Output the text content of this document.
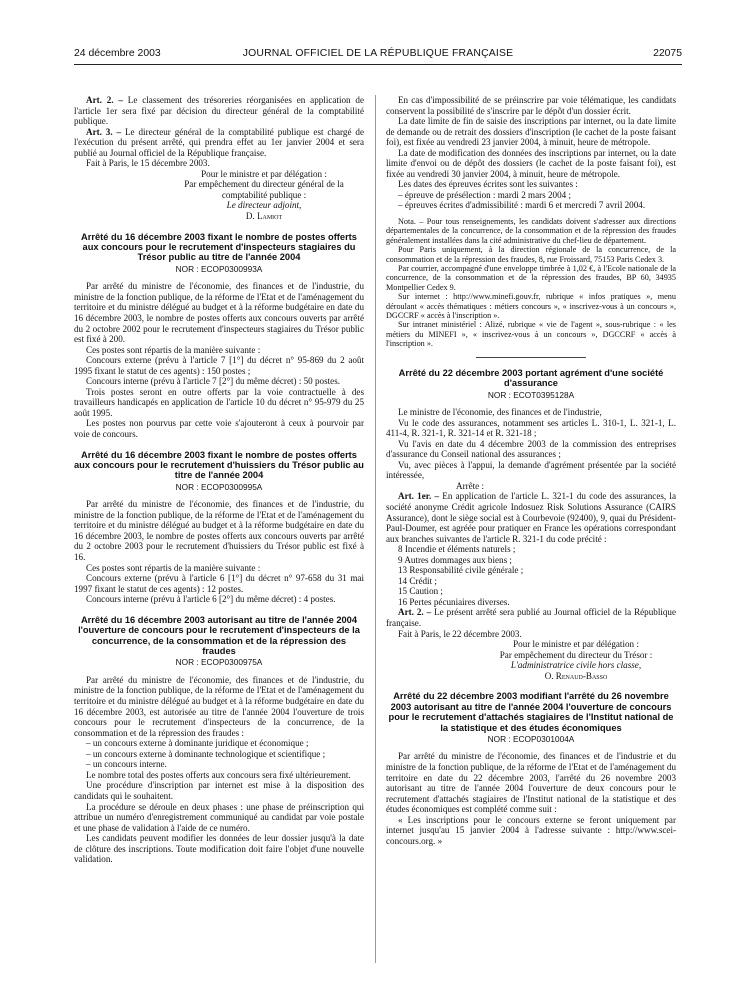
24 décembre 2003	JOURNAL OFFICIEL DE LA RÉPUBLIQUE FRANÇAISE	22075

Art. 2. – Le classement des trésoreries réorganisées en application de l'article 1er sera fixé par décision du directeur général de la comptabilité publique.

Art. 3. – Le directeur général de la comptabilité publique est chargé de l'exécution du présent arrêté, qui prendra effet au 1er janvier 2004 et sera publié au Journal officiel de la République française.

Fait à Paris, le 15 décembre 2003.

Pour le ministre et par délégation :
Par empêchement du directeur général de la comptabilité publique :
Le directeur adjoint,
D. Lamiot
Arrêté du 16 décembre 2003 fixant le nombre de postes offerts aux concours pour le recrutement d'inspecteurs stagiaires du Trésor public au titre de l'année 2004
NOR : ECOP0300993A

Par arrêté du ministre de l'économie, des finances et de l'industrie, du ministre de la fonction publique, de la réforme de l'Etat et de l'aménagement du territoire et du ministre délégué au budget et à la réforme budgétaire en date du 16 décembre 2003, le nombre de postes offerts aux concours ouverts par arrêté du 2 octobre 2002 pour le recrutement d'inspecteurs stagiaires du Trésor public est fixé à 200.

Ces postes sont répartis de la manière suivante :

Concours externe (prévu à l'article 7 [1°] du décret n° 95-869 du 2 août 1995 fixant le statut de ces agents) : 150 postes ;

Concours interne (prévu à l'article 7 [2°] du même décret) : 50 postes.

Trois postes seront en outre offerts par la voie contractuelle à des travailleurs handicapés en application de l'article 10 du décret n° 95-979 du 25 août 1995.

Les postes non pourvus par cette voie s'ajouteront à ceux à pourvoir par voie de concours.

Arrêté du 16 décembre 2003 fixant le nombre de postes offerts aux concours pour le recrutement d'huissiers du Trésor public au titre de l'année 2004
NOR : ECOP0300995A

Par arrêté du ministre de l'économie, des finances et de l'industrie, du ministre de la fonction publique, de la réforme de l'Etat et de l'aménagement du territoire et du ministre délégué au budget et à la réforme budgétaire en date du 16 décembre 2003, le nombre de postes offerts aux concours ouverts par arrêté du 2 octobre 2003 pour le recrutement d'huissiers du Trésor public est fixé à 16.

Ces postes sont répartis de la manière suivante :

Concours externe (prévu à l'article 6 [1°] du décret n° 97-658 du 31 mai 1997 fixant le statut de ces agents) : 12 postes.

Concours interne (prévu à l'article 6 [2°] du même décret) : 4 postes.

Arrêté du 16 décembre 2003 autorisant au titre de l'année 2004 l'ouverture de concours pour le recrutement d'inspecteurs de la concurrence, de la consommation et de la répression des fraudes
NOR : ECOP0300975A

Par arrêté du ministre de l'économie, des finances et de l'industrie, du ministre de la fonction publique, de la réforme de l'Etat et de l'aménagement du territoire et du ministre délégué au budget et à la réforme budgétaire en date du 16 décembre 2003, est autorisée au titre de l'année 2004 l'ouverture de trois concours pour le recrutement d'inspecteurs de la concurrence, de la consommation et de la répression des fraudes :

– un concours externe à dominante juridique et économique ;

– un concours externe à dominante technologique et scientifique ;

– un concours interne.

Le nombre total des postes offerts aux concours sera fixé ultérieurement.

Une procédure d'inscription par internet est mise à la disposition des candidats qui le souhaitent.

La procédure se déroule en deux phases : une phase de préinscription qui attribue un numéro d'enregistrement communiqué au candidat par voie postale et une phase de validation à l'aide de ce numéro.

Les candidats peuvent modifier les données de leur dossier jusqu'à la date de clôture des inscriptions. Toute modification doit faire l'objet d'une nouvelle validation.

En cas d'impossibilité de se préinscrire par voie télématique, les candidats conservent la possibilité de s'inscrire par le dépôt d'un dossier écrit.

La date limite de fin de saisie des inscriptions par internet, ou la date limite de demande ou de retrait des dossiers d'inscription (le cachet de la poste faisant foi), est fixée au vendredi 23 janvier 2004, à minuit, heure de métropole.

La date de modification des données des inscriptions par internet, ou la date limite d'envoi ou de dépôt des dossiers (le cachet de la poste faisant foi), est fixée au vendredi 30 janvier 2004, à minuit, heure de métropole.

Les dates des épreuves écrites sont les suivantes :

– épreuve de présélection : mardi 2 mars 2004 ;

– épreuves écrites d'admissibilité : mardi 6 et mercredi 7 avril 2004.

Nota. – Pour tous renseignements, les candidats doivent s'adresser aux directions départementales de la concurrence, de la consommation et de la répression des fraudes généralement installées dans la cité administrative du chef-lieu de département.

Pour Paris uniquement, à la direction régionale de la concurrence, de la consommation et de la répression des fraudes, 8, rue Froissard, 75153 Paris Cedex 3.

Par courrier, accompagné d'une enveloppe timbrée à 1,02 €, à l'Ecole nationale de la concurrence, de la consommation et de la répression des fraudes, BP 60, 34935 Montpellier Cedex 9.

Sur internet : http://www.minefi.gouv.fr, rubrique « infos pratiques », menu déroulant « accès thématiques : métiers concours », « inscrivez-vous à un concours », DGCCRF « accès à l'inscription ».

Sur intranet ministériel : Alizé, rubrique « vie de l'agent », sous-rubrique : « les métiers du MINEFI », « inscrivez-vous à un concours », DGCCRF « accès à l'inscription ».

Arrêté du 22 décembre 2003 portant agrément d'une société d'assurance
NOR : ECOT0395128A

Le ministre de l'économie, des finances et de l'industrie,

Vu le code des assurances, notamment ses articles L. 310-1, L. 321-1, L. 411-4, R. 321-1, R. 321-14 et R. 321-18 ;

Vu l'avis en date du 4 décembre 2003 de la commission des entreprises d'assurance du Conseil national des assurances ;

Vu, avec pièces à l'appui, la demande d'agrément présentée par la société intéressée,

Arrête :

Art. 1er. – En application de l'article L. 321-1 du code des assurances, la société anonyme Crédit agricole Indosuez Risk Solutions Assurance (CAIRS Assurance), dont le siège social est à Courbevoie (92400), 9, quai du Président-Paul-Doumer, est agréée pour pratiquer en France les opérations correspondant aux branches suivantes de l'article R. 321-1 du code précité :

8 Incendie et éléments naturels ;

9 Autres dommages aux biens ;

13 Responsabilité civile générale ;

14 Crédit ;

15 Caution ;

16 Pertes pécuniaires diverses.

Art. 2. – Le présent arrêté sera publié au Journal officiel de la République française.

Fait à Paris, le 22 décembre 2003.

Pour le ministre et par délégation :
Par empêchement du directeur du Trésor :
L'administratrice civile hors classe,
O. Renaud-Basso
Arrêté du 22 décembre 2003 modifiant l'arrêté du 26 novembre 2003 autorisant au titre de l'année 2004 l'ouverture de concours pour le recrutement d'attachés stagiaires de l'Institut national de la statistique et des études économiques
NOR : ECOP0301004A

Par arrêté du ministre de l'économie, des finances et de l'industrie et du ministre de la fonction publique, de la réforme de l'Etat et de l'aménagement du territoire en date du 22 décembre 2003, l'arrêté du 26 novembre 2003 autorisant au titre de l'année 2004 l'ouverture de deux concours pour le recrutement d'attachés stagiaires de l'Institut national de la statistique et des études économiques est complété comme suit :

« Les inscriptions pour le concours externe se feront uniquement par internet jusqu'au 15 janvier 2004 à l'adresse suivante : http://www.scei-concours.org. »
